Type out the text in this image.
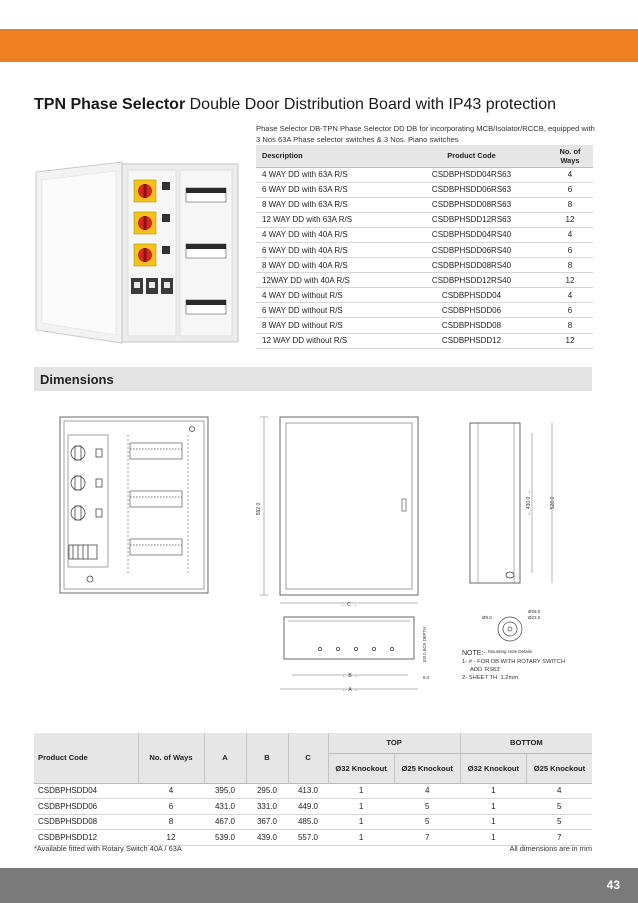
TPN Phase Selector Double Door Distribution Board with IP43 protection
Phase Selector DB-TPN Phase Selector DD DB for incorporating MCB/Isolator/RCCB, equipped with 3 Nos 63A Phase selector switches & 3 Nos. Piano switches
Description	Product Code	No. of Ways
4 WAY DD with 63A R/S	CSDBPHSDD04RS63	4
6 WAY DD with 63A R/S	CSDBPHSDD06RS63	6
8 WAY DD with 63A R/S	CSDBPHSDD08RS63	8
12 WAY DD with 63A R/S	CSDBPHSDD12RS63	12
4 WAY DD with 40A R/S	CSDBPHSDD04RS40	4
6 WAY DD with 40A R/S	CSDBPHSDD06RS40	6
8 WAY DD with 40A R/S	CSDBPHSDD08RS40	8
12WAY DD with 40A R/S	CSDBPHSDD12RS40	12
4 WAY DD without R/S	CSDBPHSDD04	4
6 WAY DD without R/S	CSDBPHSDD06	6
8 WAY DD without R/S	CSDBPHSDD08	8
12 WAY DD without R/S	CSDBPHSDD12	12
Dimensions
592.0
← C →
← B →
← A →
100.0 BOX DEPTH
5.0
← 430.0 →	528.0
Ø8.0
Ø28.0
Ø22.0
Mounting Hole Details
NOTE:-
1- # - FOR DB WITH ROTARY SWITCH
ADD 'RS63'
2- SHEET TH. 1.2mm
Product Code	No. of Ways	A	B	C	TOP		BOTTOM	
					Ø32 Knockout	Ø25 Knockout	Ø32 Knockout	Ø25 Knockout
CSDBPHSDD04	4	395.0	295.0	413.0	1	4	1	4
CSDBPHSDD06	6	431.0	331.0	449.0	1	5	1	5
CSDBPHSDD08	8	467.0	367.0	485.0	1	5	1	5
CSDBPHSDD12	12	539.0	439.0	557.0	1	7	1	7
*Available fitted with Rotary Switch 40A / 63A	All dimensions are in mm
43
